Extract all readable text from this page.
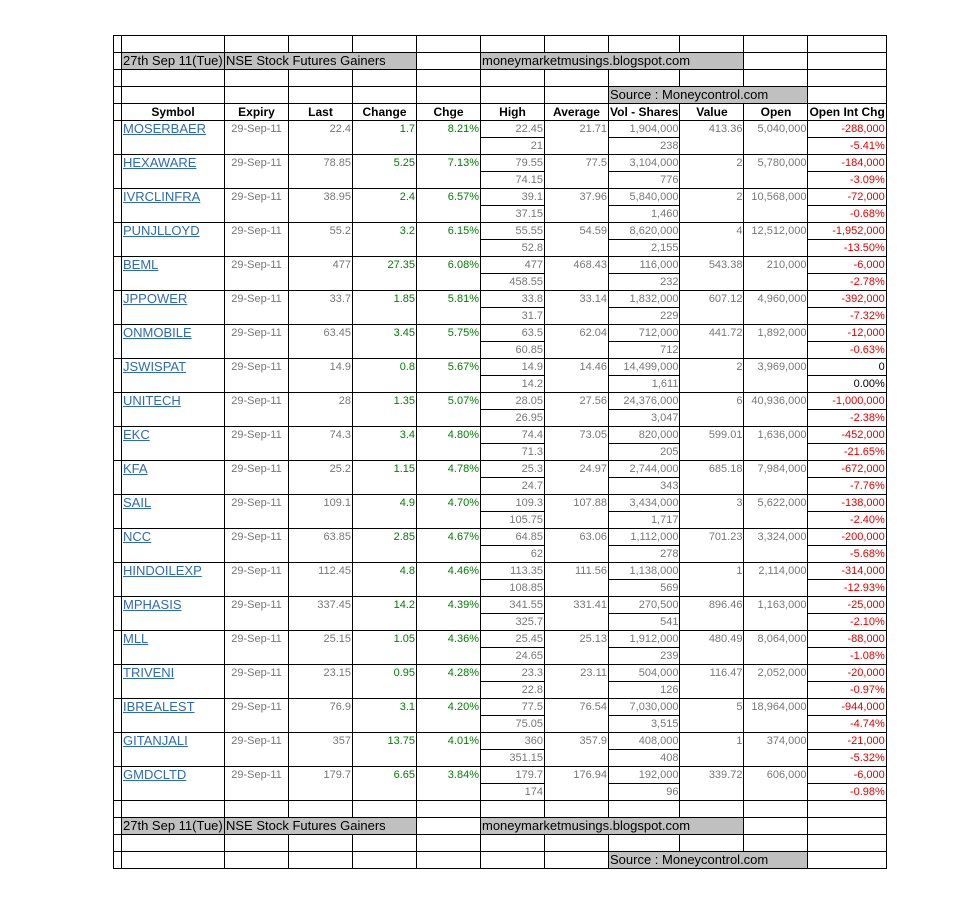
	27th Sep 11(Tue)	NSE Stock Futures Gainers				moneymarketmusings.blogspot.com					

								Source : Moneycontrol.com			
	Symbol	Expiry	Last	Change	Chge	High	Average	Vol - Shares	Value	Open	Open Int Chg
	MOSERBAER	29-Sep-11	22.4	1.7	8.21%	22.45	21.71	1,904,000	413.36	5,040,000	-288,000
						21		238			-5.41%
	HEXAWARE	29-Sep-11	78.85	5.25	7.13%	79.55	77.5	3,104,000	2	5,780,000	-184,000
						74.15		776			-3.09%
	IVRCLINFRA	29-Sep-11	38.95	2.4	6.57%	39.1	37.96	5,840,000	2	10,568,000	-72,000
						37.15		1,460			-0.68%
	PUNJLLOYD	29-Sep-11	55.2	3.2	6.15%	55.55	54.59	8,620,000	4	12,512,000	-1,952,000
						52.8		2,155			-13.50%
	BEML	29-Sep-11	477	27.35	6.08%	477	468.43	116,000	543.38	210,000	-6,000
						458.55		232			-2.78%
	JPPOWER	29-Sep-11	33.7	1.85	5.81%	33.8	33.14	1,832,000	607.12	4,960,000	-392,000
						31.7		229			-7.32%
	ONMOBILE	29-Sep-11	63.45	3.45	5.75%	63.5	62.04	712,000	441.72	1,892,000	-12,000
						60.85		712			-0.63%
	JSWISPAT	29-Sep-11	14.9	0.8	5.67%	14.9	14.46	14,499,000	2	3,969,000	0
						14.2		1,611			0.00%
	UNITECH	29-Sep-11	28	1.35	5.07%	28.05	27.56	24,376,000	6	40,936,000	-1,000,000
						26.95		3,047			-2.38%
	EKC	29-Sep-11	74.3	3.4	4.80%	74.4	73.05	820,000	599.01	1,636,000	-452,000
						71.3		205			-21.65%
	KFA	29-Sep-11	25.2	1.15	4.78%	25.3	24.97	2,744,000	685.18	7,984,000	-672,000
						24.7		343			-7.76%
	SAIL	29-Sep-11	109.1	4.9	4.70%	109.3	107.88	3,434,000	3	5,622,000	-138,000
						105.75		1,717			-2.40%
	NCC	29-Sep-11	63.85	2.85	4.67%	64.85	63.06	1,112,000	701.23	3,324,000	-200,000
						62		278			-5.68%
	HINDOILEXP	29-Sep-11	112.45	4.8	4.46%	113.35	111.56	1,138,000	1	2,114,000	-314,000
						108.85		569			-12.93%
	MPHASIS	29-Sep-11	337.45	14.2	4.39%	341.55	331.41	270,500	896.46	1,163,000	-25,000
						325.7		541			-2.10%
	MLL	29-Sep-11	25.15	1.05	4.36%	25.45	25.13	1,912,000	480.49	8,064,000	-88,000
						24.65		239			-1.08%
	TRIVENI	29-Sep-11	23.15	0.95	4.28%	23.3	23.11	504,000	116.47	2,052,000	-20,000
						22.8		126			-0.97%
	IBREALEST	29-Sep-11	76.9	3.1	4.20%	77.5	76.54	7,030,000	5	18,964,000	-944,000
						75.05		3,515			-4.74%
	GITANJALI	29-Sep-11	357	13.75	4.01%	360	357.9	408,000	1	374,000	-21,000
						351.15		408			-5.32%
	GMDCLTD	29-Sep-11	179.7	6.65	3.84%	179.7	176.94	192,000	339.72	606,000	-6,000
						174		96			-0.98%

	27th Sep 11(Tue)	NSE Stock Futures Gainers				moneymarketmusings.blogspot.com					

								Source : Moneycontrol.com			
